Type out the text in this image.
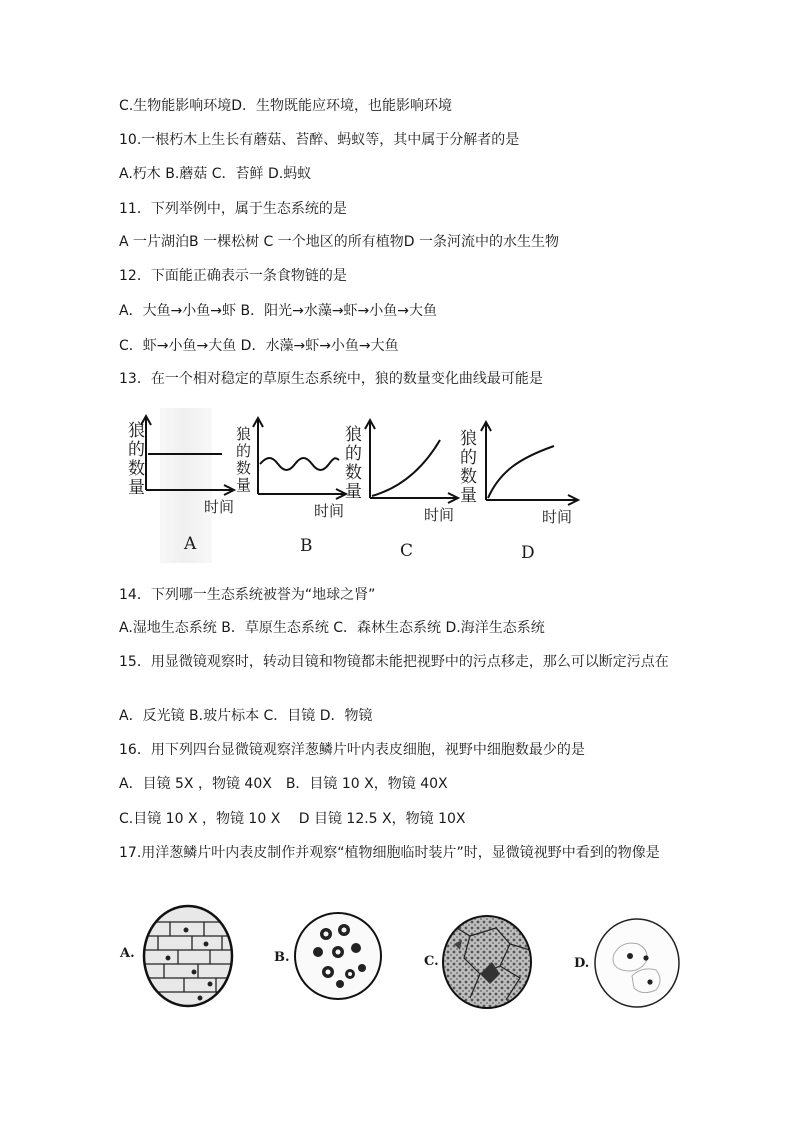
C.生物能影响环境D．生物既能应环境，也能影响环境
10.一根朽木上生长有蘑菇、苔醉、蚂蚁等，其中属于分解者的是
A.朽木 B.蘑菇 C．苔鲜 D.蚂蚁
11．下列举例中，属于生态系统的是
A 一片湖泊B 一棵松树 C 一个地区的所有植物D 一条河流中的水生生物
12．下面能正确表示一条食物链的是
A．大鱼→小鱼→虾 B．阳光→水藻→虾→小鱼→大鱼
C．虾→小鱼→大鱼 D．水藻→虾→小鱼→大鱼
13．在一个相对稳定的草原生态系统中，狼的数量变化曲线最可能是
狼
的
数
量
狼
的
数
量
狼
的
数
量
狼
的
数
量
时间	时间	时间	时间
A	B	C	D
14．下列哪一生态系统被誉为“地球之肾”
A.湿地生态系统 B．草原生态系统 C．森林生态系统 D.海洋生态系统
15．用显微镜观察时，转动目镜和物镜都未能把视野中的污点移走，那么可以断定污点在
A．反光镜 B.玻片标本 C．目镜 D．物镜
16．用下列四台显微镜观察洋葱鳞片叶内表皮细胞，视野中细胞数最少的是
A．目镜 5X ，物镜 40X　B．目镜 10 X，物镜 40X
C.目镜 10 X ，物镜 10 X　 D 目镜 12.5 X，物镜 10X
17.用洋葱鳞片叶内表皮制作并观察“植物细胞临时装片”时，显微镜视野中看到的物像是
A.	B.	C.	D.
